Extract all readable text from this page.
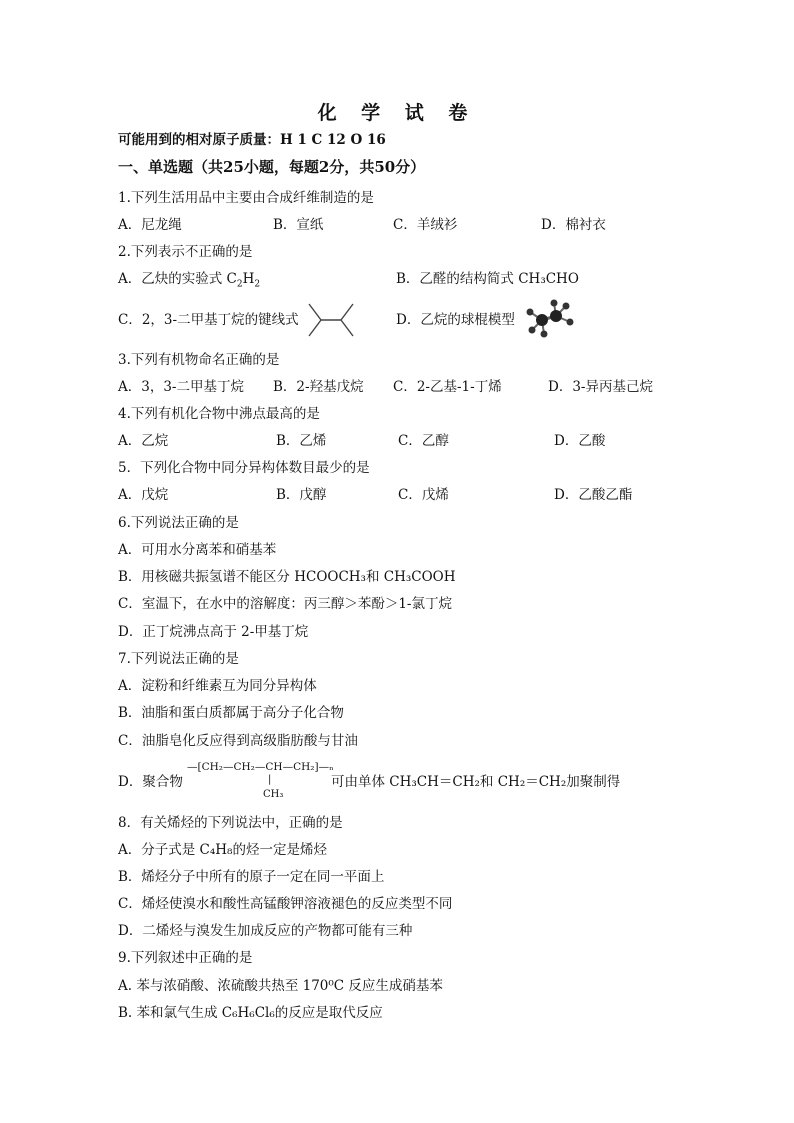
化 学 试 卷
可能用到的相对原子质量：H 1 C 12 O 16
一、单选题（共25小题，每题2分，共50分）
1.下列生活用品中主要由合成纤维制造的是
A．尼龙绳	B．宣纸	C．羊绒衫	D．棉衬衣
2.下列表示不正确的是
A．乙炔的实验式 $C_2H_2$	B．乙醛的结构简式 CH₃CHO
C．2，3-二甲基丁烷的键线式	D．乙烷的球棍模型
3.下列有机物命名正确的是
A．3，3-二甲基丁烷 B．2-羟基戊烷 C．2-乙基-1-丁烯	D．3-异丙基己烷
4.下列有机化合物中沸点最高的是
A．乙烷	B．乙烯	C．乙醇	D．乙酸
5．下列化合物中同分异构体数目最少的是
A．戊烷	B．戊醇	C．戊烯	D．乙酸乙酯
6.下列说法正确的是
A．可用水分离苯和硝基苯
B．用核磁共振氢谱不能区分 HCOOCH₃和 CH₃COOH
C．室温下，在水中的溶解度：丙三醇＞苯酚＞1-氯丁烷
D．正丁烷沸点高于 2-甲基丁烷
7.下列说法正确的是
A．淀粉和纤维素互为同分异构体
B．油脂和蛋白质都属于高分子化合物
C．油脂皂化反应得到高级脂肪酸与甘油
D．聚合物
—[CH₂—CH₂—CH—CH₂]—ₙ
|
CH₃
可由单体 CH₃CH＝CH₂和 CH₂＝CH₂加聚制得
8．有关烯烃的下列说法中，正确的是
A．分子式是 C₄H₈的烃一定是烯烃
B．烯烃分子中所有的原子一定在同一平面上
C．烯烃使溴水和酸性高锰酸钾溶液褪色的反应类型不同
D．二烯烃与溴发生加成反应的产物都可能有三种
9.下列叙述中正确的是
A. 苯与浓硝酸、浓硫酸共热至 170⁰C 反应生成硝基苯
B. 苯和氯气生成 C₆H₆Cl₆的反应是取代反应
